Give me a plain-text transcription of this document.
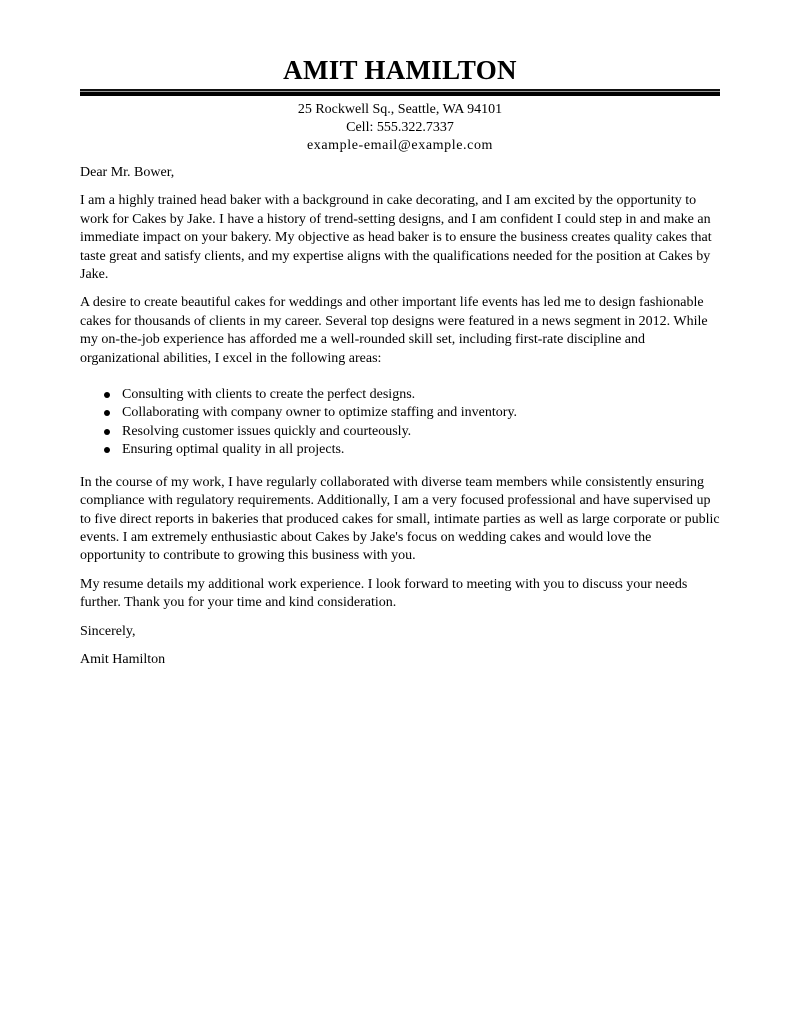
AMIT HAMILTON
25 Rockwell Sq., Seattle, WA 94101
Cell: 555.322.7337
example-email@example.com

Dear Mr. Bower,

I am a highly trained head baker with a background in cake decorating, and I am excited by the opportunity to work for Cakes by Jake. I have a history of trend-setting designs, and I am confident I could step in and make an immediate impact on your bakery. My objective as head baker is to ensure the business creates quality cakes that taste great and satisfy clients, and my expertise aligns with the qualifications needed for the position at Cakes by Jake.

A desire to create beautiful cakes for weddings and other important life events has led me to design fashionable cakes for thousands of clients in my career. Several top designs were featured in a news segment in 2012. While my on-the-job experience has afforded me a well-rounded skill set, including first-rate discipline and organizational abilities, I excel in the following areas:

Consulting with clients to create the perfect designs.
Collaborating with company owner to optimize staffing and inventory.
Resolving customer issues quickly and courteously.
Ensuring optimal quality in all projects.

In the course of my work, I have regularly collaborated with diverse team members while consistently ensuring compliance with regulatory requirements. Additionally, I am a very focused professional and have supervised up to five direct reports in bakeries that produced cakes for small, intimate parties as well as large corporate or public events. I am extremely enthusiastic about Cakes by Jake's focus on wedding cakes and would love the opportunity to contribute to growing this business with you.

My resume details my additional work experience. I look forward to meeting with you to discuss your needs further. Thank you for your time and kind consideration.

Sincerely,

Amit Hamilton
